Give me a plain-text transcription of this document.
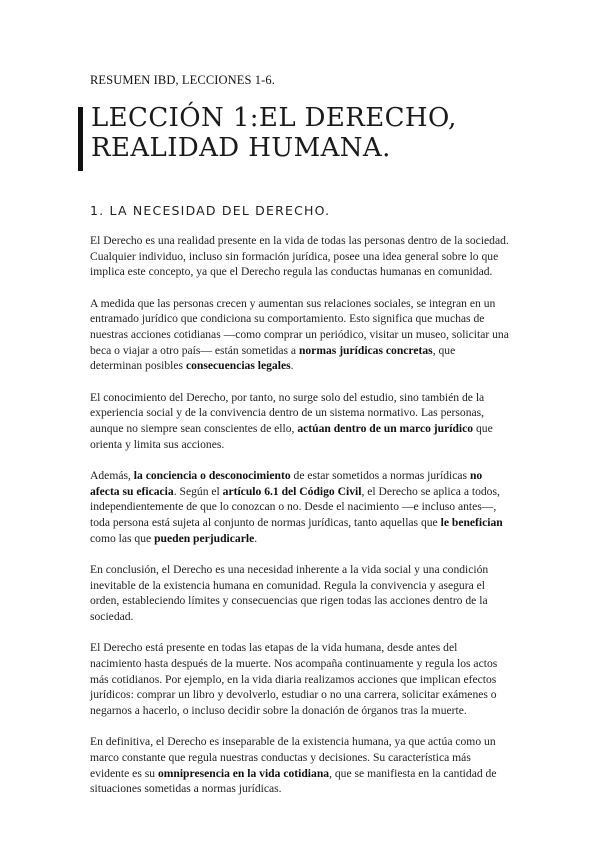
RESUMEN IBD, LECCIONES 1-6.
LECCIÓN 1:EL DERECHO,
REALIDAD HUMANA.
1. LA NECESIDAD DEL DERECHO.

El Derecho es una realidad presente en la vida de todas las personas dentro de la sociedad. Cualquier individuo, incluso sin formación jurídica, posee una idea general sobre lo que implica este concepto, ya que el Derecho regula las conductas humanas en comunidad.

A medida que las personas crecen y aumentan sus relaciones sociales, se integran en un entramado jurídico que condiciona su comportamiento. Esto significa que muchas de nuestras acciones cotidianas —como comprar un periódico, visitar un museo, solicitar una beca o viajar a otro país— están sometidas a normas jurídicas concretas, que determinan posibles consecuencias legales.

El conocimiento del Derecho, por tanto, no surge solo del estudio, sino también de la experiencia social y de la convivencia dentro de un sistema normativo. Las personas, aunque no siempre sean conscientes de ello, actúan dentro de un marco jurídico que orienta y limita sus acciones.

Además, la conciencia o desconocimiento de estar sometidos a normas jurídicas no afecta su eficacia. Según el artículo 6.1 del Código Civil, el Derecho se aplica a todos, independientemente de que lo conozcan o no. Desde el nacimiento —e incluso antes—, toda persona está sujeta al conjunto de normas jurídicas, tanto aquellas que le benefician como las que pueden perjudicarle.

En conclusión, el Derecho es una necesidad inherente a la vida social y una condición inevitable de la existencia humana en comunidad. Regula la convivencia y asegura el orden, estableciendo límites y consecuencias que rigen todas las acciones dentro de la sociedad.

El Derecho está presente en todas las etapas de la vida humana, desde antes del nacimiento hasta después de la muerte. Nos acompaña continuamente y regula los actos más cotidianos. Por ejemplo, en la vida diaria realizamos acciones que implican efectos jurídicos: comprar un libro y devolverlo, estudiar o no una carrera, solicitar exámenes o negarnos a hacerlo, o incluso decidir sobre la donación de órganos tras la muerte.

En definitiva, el Derecho es inseparable de la existencia humana, ya que actúa como un marco constante que regula nuestras conductas y decisiones. Su característica más evidente es su omnipresencia en la vida cotidiana, que se manifiesta en la cantidad de situaciones sometidas a normas jurídicas.
